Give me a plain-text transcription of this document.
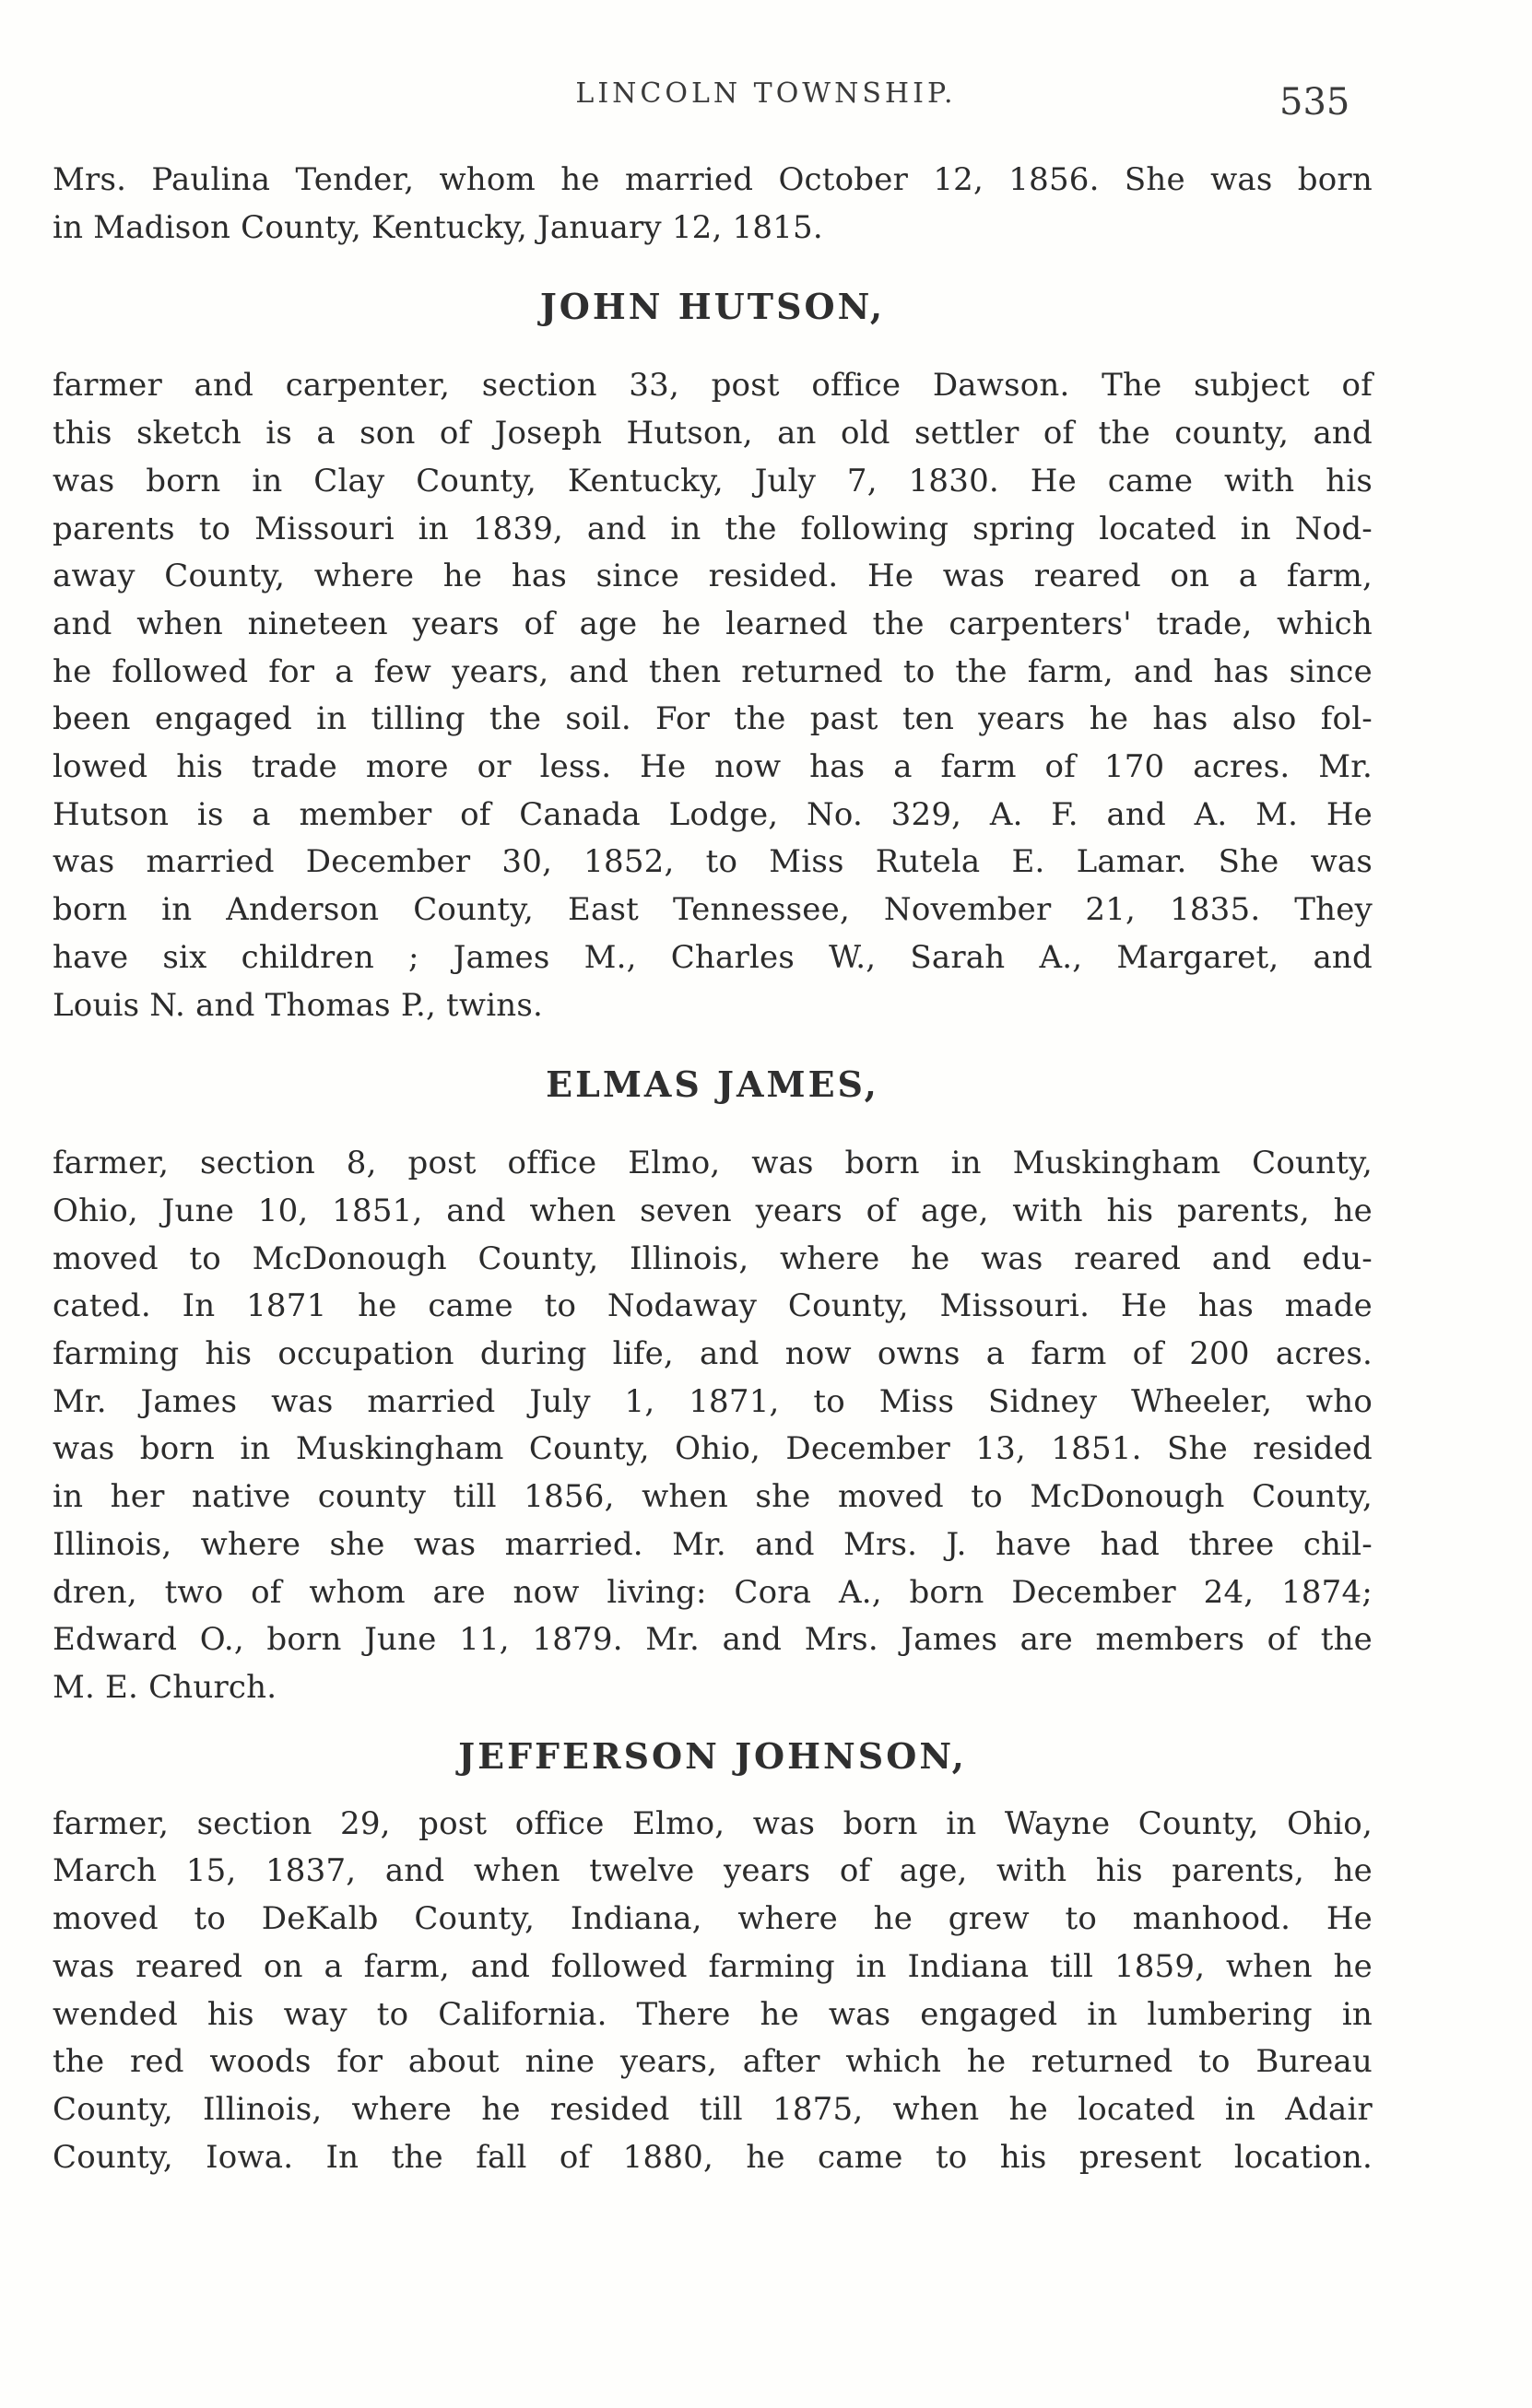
LINCOLN TOWNSHIP.	535
Mrs. Paulina Tender, whom he married October 12, 1856. She was born
in Madison County, Kentucky, January 12, 1815.
JOHN HUTSON,
farmer and carpenter, section 33, post office Dawson. The subject of
this sketch is a son of Joseph Hutson, an old settler of the county, and
was born in Clay County, Kentucky, July 7, 1830. He came with his
parents to Missouri in 1839, and in the following spring located in Nod-
away County, where he has since resided. He was reared on a farm,
and when nineteen years of age he learned the carpenters' trade, which
he followed for a few years, and then returned to the farm, and has since
been engaged in tilling the soil. For the past ten years he has also fol-
lowed his trade more or less. He now has a farm of 170 acres. Mr.
Hutson is a member of Canada Lodge, No. 329, A. F. and A. M. He
was married December 30, 1852, to Miss Rutela E. Lamar. She was
born in Anderson County, East Tennessee, November 21, 1835. They
have six children ; James M., Charles W., Sarah A., Margaret, and
Louis N. and Thomas P., twins.
ELMAS JAMES,
farmer, section 8, post office Elmo, was born in Muskingham County,
Ohio, June 10, 1851, and when seven years of age, with his parents, he
moved to McDonough County, Illinois, where he was reared and edu-
cated. In 1871 he came to Nodaway County, Missouri. He has made
farming his occupation during life, and now owns a farm of 200 acres.
Mr. James was married July 1, 1871, to Miss Sidney Wheeler, who
was born in Muskingham County, Ohio, December 13, 1851. She resided
in her native county till 1856, when she moved to McDonough County,
Illinois, where she was married. Mr. and Mrs. J. have had three chil-
dren, two of whom are now living: Cora A., born December 24, 1874;
Edward O., born June 11, 1879. Mr. and Mrs. James are members of the
M. E. Church.
JEFFERSON JOHNSON,
farmer, section 29, post office Elmo, was born in Wayne County, Ohio,
March 15, 1837, and when twelve years of age, with his parents, he
moved to DeKalb County, Indiana, where he grew to manhood. He
was reared on a farm, and followed farming in Indiana till 1859, when he
wended his way to California. There he was engaged in lumbering in
the red woods for about nine years, after which he returned to Bureau
County, Illinois, where he resided till 1875, when he located in Adair
County, Iowa. In the fall of 1880, he came to his present location.
